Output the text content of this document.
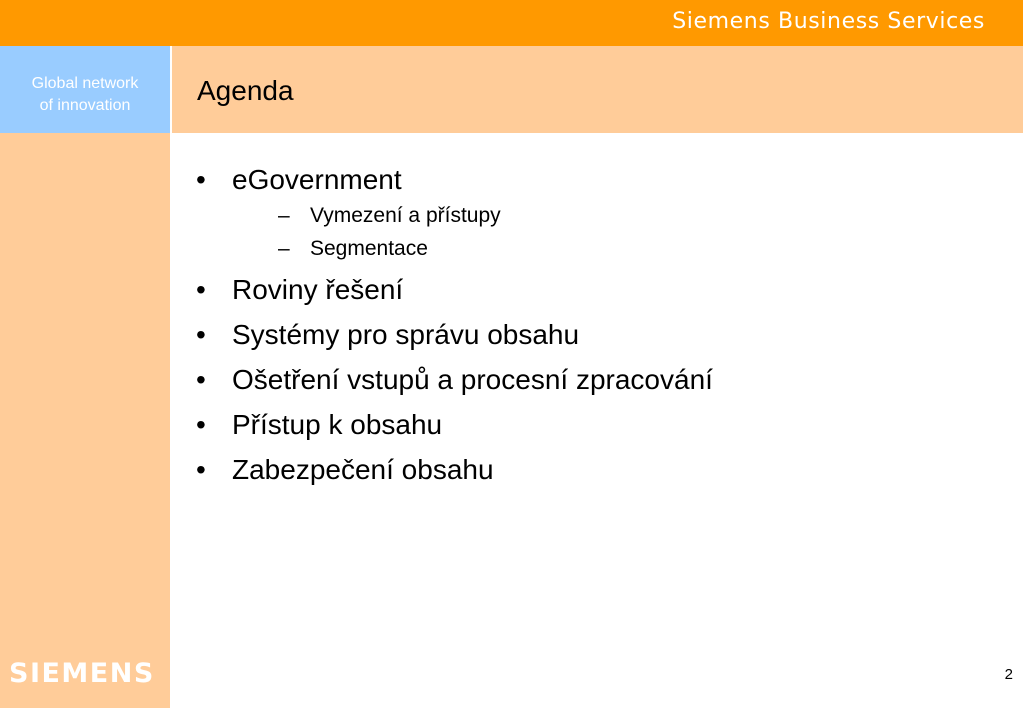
Siemens Business Services
Global network
of innovation	Agenda
• eGovernment
– Vymezení a přístupy
– Segmentace
• Roviny řešení
• Systémy pro správu obsahu
• Ošetření vstupů a procesní zpracování
• Přístup k obsahu
• Zabezpečení obsahu
SIEMENS	2
